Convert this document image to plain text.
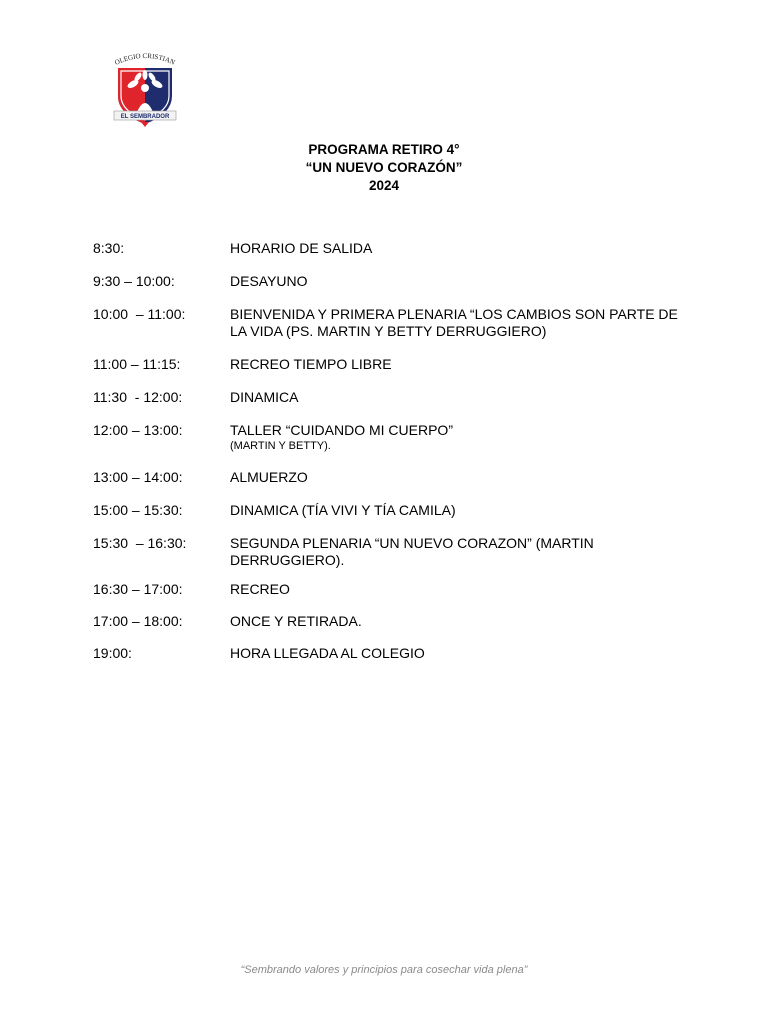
OLEGIO CRISTIAN
EL SEMBRADOR
PROGRAMA RETIRO 4°
“UN NUEVO CORAZÓN”
2024
8:30:	HORARIO DE SALIDA
9:30 – 10:00:	DESAYUNO
10:00  – 11:00:	BIENVENIDA Y PRIMERA PLENARIA “LOS CAMBIOS SON PARTE DE LA VIDA (PS. MARTIN Y BETTY DERRUGGIERO)
11:00 – 11:15:	RECREO TIEMPO LIBRE
11:30  - 12:00:	DINAMICA
12:00 – 13:00:	TALLER “CUIDANDO MI CUERPO”
(MARTIN Y BETTY).
13:00 – 14:00:	ALMUERZO
15:00 – 15:30:	DINAMICA (TÍA VIVI Y TÍA CAMILA)
15:30  – 16:30:	SEGUNDA PLENARIA “UN NUEVO CORAZON” (MARTIN DERRUGGIERO).
16:30 – 17:00:	RECREO
17:00 – 18:00:	ONCE Y RETIRADA.
19:00:	HORA LLEGADA AL COLEGIO
“Sembrando valores y principios para cosechar vida plena”
